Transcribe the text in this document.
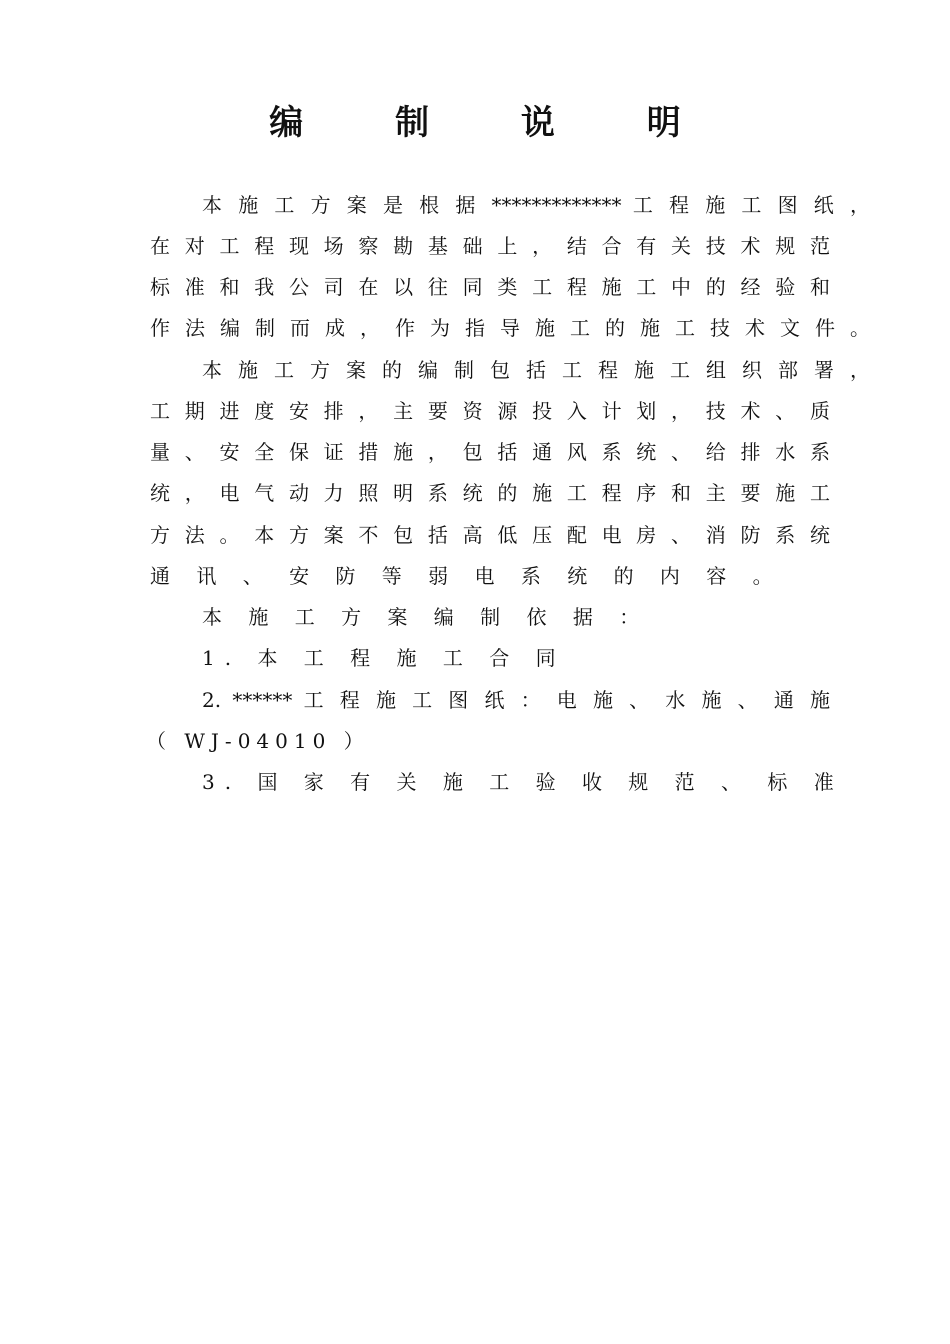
编 制 说 明

本 施 工 方 案 是 根 据 ************* 工 程 施 工 图 纸 ，

在 对 工 程 现 场 察 勘 基 础 上 ， 结 合 有 关 技 术 规 范

标 准 和 我 公 司 在 以 往 同 类 工 程 施 工 中 的 经 验 和

作 法 编 制 而 成 ， 作 为 指 导 施 工 的 施 工 技 术 文 件 。

本 施 工 方 案 的 编 制 包 括 工 程 施 工 组 织 部 署 ，

工 期 进 度 安 排 ， 主 要 资 源 投 入 计 划 ， 技 术 、 质

量 、 安 全 保 证 措 施 ， 包 括 通 风 系 统 、 给 排 水 系

统 ， 电 气 动 力 照 明 系 统 的 施 工 程 序 和 主 要 施 工

方 法 。 本 方 案 不 包 括 高 低 压 配 电 房 、 消 防 系 统

通 讯 、 安 防 等 弱 电 系 统 的 内 容 。

本 施 工 方 案 编 制 依 据 ：

1. 本 工 程 施 工 合 同

2. ****** 工 程 施 工 图 纸 ： 电 施 、 水 施 、 通 施

（ WJ-04010 ）

3. 国 家 有 关 施 工 验 收 规 范 、 标 准
